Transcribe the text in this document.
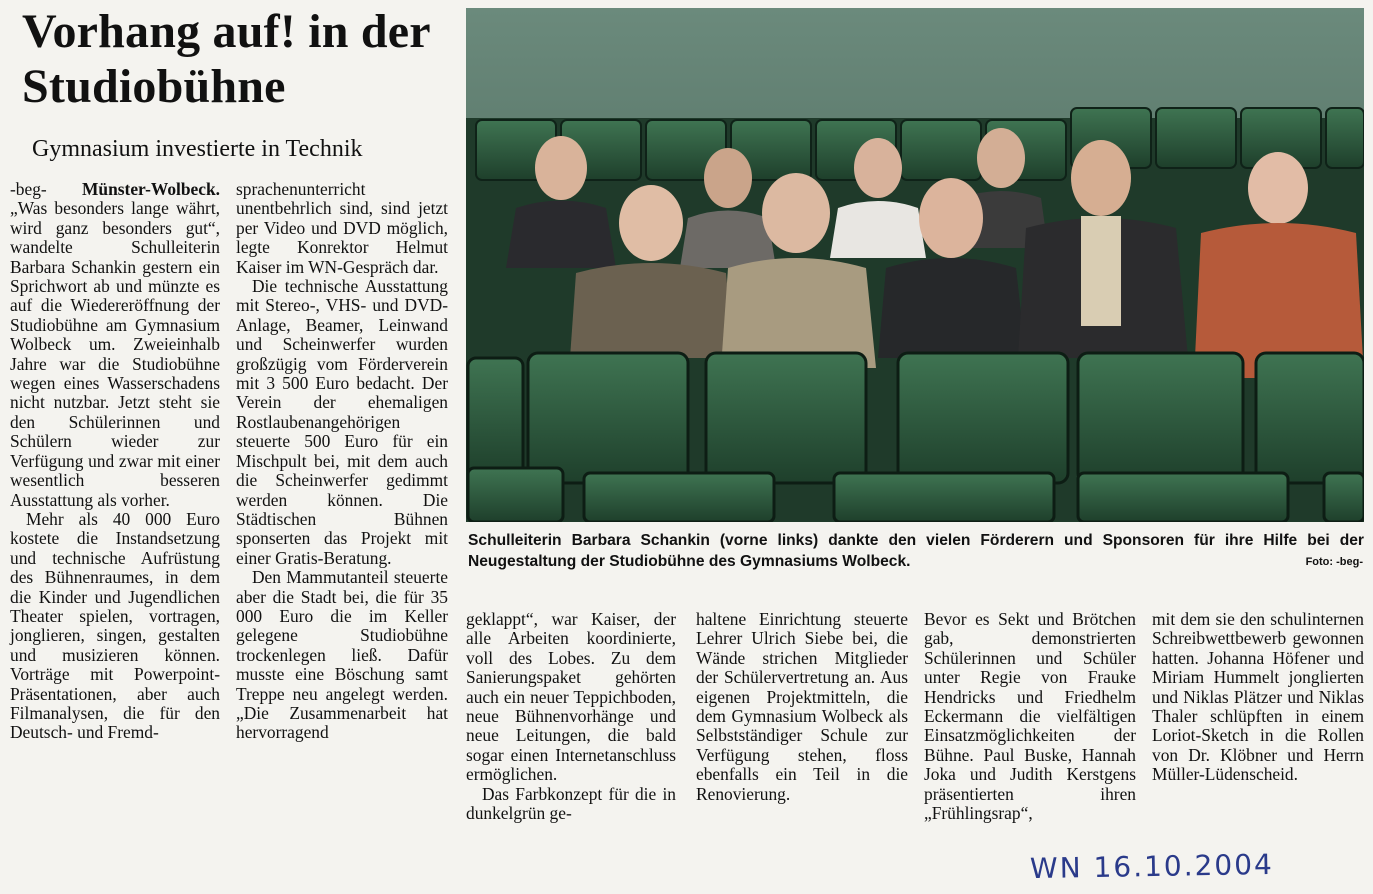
Vorhang auf! in der Studiobühne
Gymnasium investierte in Technik

-beg- Münster-Wolbeck. „Was besonders lange währt, wird ganz besonders gut“, wandelte Schulleiterin Barbara Schankin gestern ein Sprichwort ab und münzte es auf die Wiedereröffnung der Studiobühne am Gymnasium Wolbeck um. Zweieinhalb Jahre war die Studiobühne wegen eines Wasserschadens nicht nutzbar. Jetzt steht sie den Schülerinnen und Schülern wieder zur Verfügung und zwar mit einer wesentlich besseren Ausstattung als vorher.

Mehr als 40 000 Euro kostete die Instandsetzung und technische Aufrüstung des Bühnenraumes, in dem die Kinder und Jugendlichen Theater spielen, vortragen, jonglieren, singen, gestalten und musizieren können. Vorträge mit Powerpoint-Präsentationen, aber auch Filmanalysen, die für den Deutsch- und Fremd-

sprachenunterricht unentbehrlich sind, sind jetzt per Video und DVD möglich, legte Konrektor Helmut Kaiser im WN-Gespräch dar.

Die technische Ausstattung mit Stereo-, VHS- und DVD-Anlage, Beamer, Leinwand und Scheinwerfer wurden großzügig vom Förderverein mit 3 500 Euro bedacht. Der Verein der ehemaligen Rostlaubenangehörigen steuerte 500 Euro für ein Mischpult bei, mit dem auch die Scheinwerfer gedimmt werden können. Die Städtischen Bühnen sponserten das Projekt mit einer Gratis-Beratung.

Den Mammutanteil steuerte aber die Stadt bei, die für 35 000 Euro die im Keller gelegene Studiobühne trockenlegen ließ. Dafür musste eine Böschung samt Treppe neu angelegt werden. „Die Zusammenarbeit hat hervorragend

Schulleiterin Barbara Schankin (vorne links) dankte den vielen Förderern und Sponsoren für ihre Hilfe bei der Neugestaltung der Studiobühne des Gymnasiums Wolbeck.	Foto: -beg-

geklappt“, war Kaiser, der alle Arbeiten koordinierte, voll des Lobes. Zu dem Sanierungspaket gehörten auch ein neuer Teppichboden, neue Bühnenvorhänge und neue Leitungen, die bald sogar einen Internetanschluss ermöglichen.

Das Farbkonzept für die in dunkelgrün ge-

haltene Einrichtung steuerte Lehrer Ulrich Siebe bei, die Wände strichen Mitglieder der Schülervertretung an. Aus eigenen Projektmitteln, die dem Gymnasium Wolbeck als Selbstständiger Schule zur Verfügung stehen, floss ebenfalls ein Teil in die Renovierung.

Bevor es Sekt und Brötchen gab, demonstrierten Schülerinnen und Schüler unter Regie von Frauke Hendricks und Friedhelm Eckermann die vielfältigen Einsatzmöglichkeiten der Bühne. Paul Buske, Hannah Joka und Judith Kerstgens präsentierten ihren „Frühlingsrap“,

mit dem sie den schulinternen Schreibwettbewerb gewonnen hatten. Johanna Höfener und Miriam Hummelt jonglierten und Niklas Plätzer und Niklas Thaler schlüpften in einem Loriot-Sketch in die Rollen von Dr. Klöbner und Herrn Müller-Lüdenscheid.

WN 16.10.2004
